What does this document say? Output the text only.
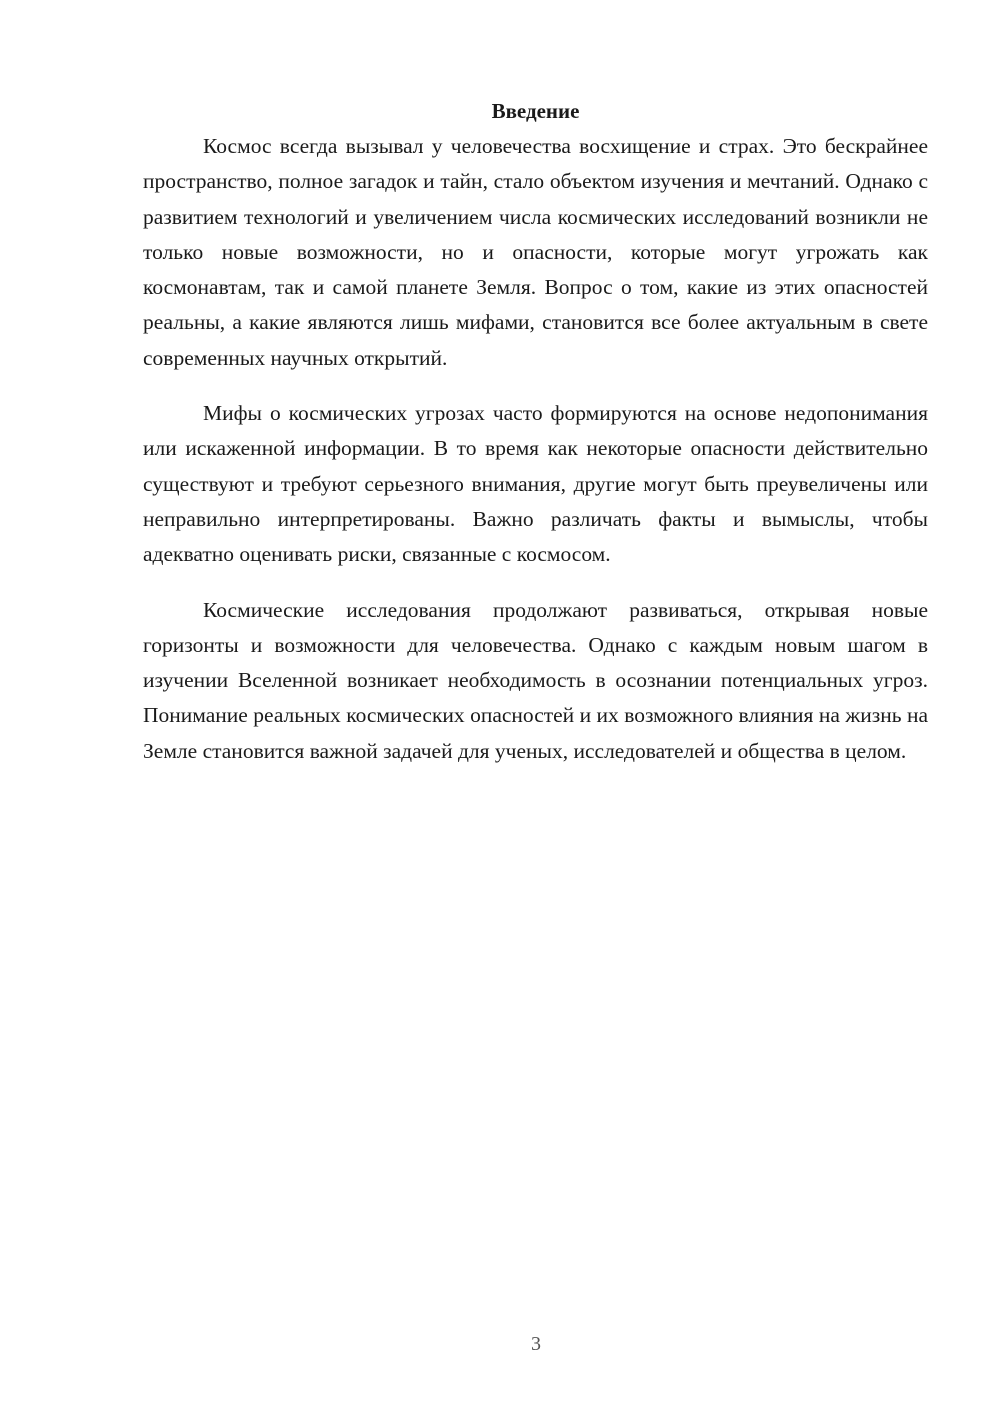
Введение

Космос всегда вызывал у человечества восхищение и страх. Это бескрайнее пространство, полное загадок и тайн, стало объектом изучения и мечтаний. Однако с развитием технологий и увеличением числа космических исследований возникли не только новые возможности, но и опасности, которые могут угрожать как космонавтам, так и самой планете Земля. Вопрос о том, какие из этих опасностей реальны, а какие являются лишь мифами, становится все более актуальным в свете современных научных открытий.

Мифы о космических угрозах часто формируются на основе недопонимания или искаженной информации. В то время как некоторые опасности действительно существуют и требуют серьезного внимания, другие могут быть преувеличены или неправильно интерпретированы. Важно различать факты и вымыслы, чтобы адекватно оценивать риски, связанные с космосом.

Космические исследования продолжают развиваться, открывая новые горизонты и возможности для человечества. Однако с каждым новым шагом в изучении Вселенной возникает необходимость в осознании потенциальных угроз. Понимание реальных космических опасностей и их возможного влияния на жизнь на Земле становится важной задачей для ученых, исследователей и общества в целом.

3
